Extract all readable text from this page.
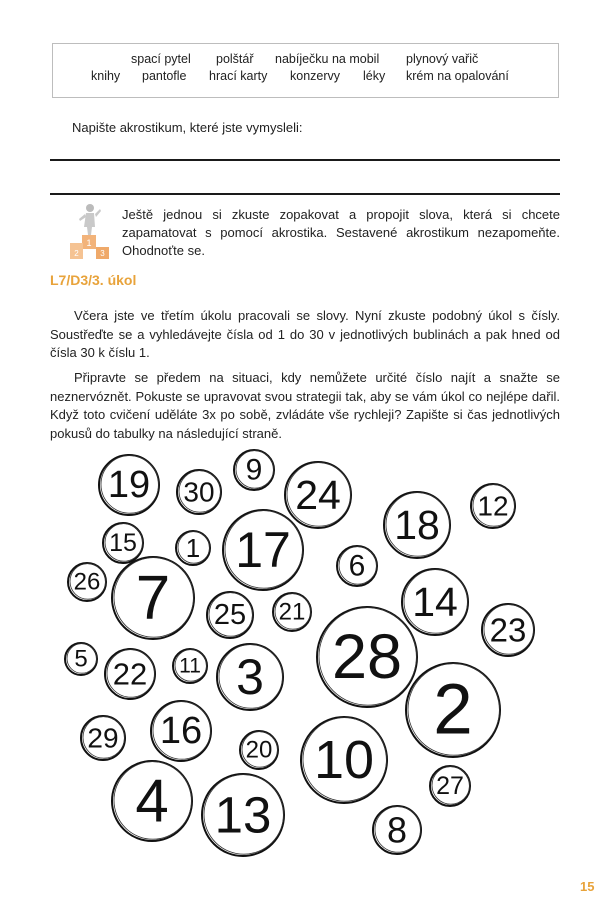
spací pytel polštář nabíječku na mobil plynový vařič
knihy pantofle hrací karty konzervy léky krém na opalování
Napište akrostikum, které jste vymysleli:
1
2	3
Ještě jednou si zkuste zopakovat a propojit slova, která si chcete zapamatovat s pomocí akrostika. Sestavené akrostikum nezapomeňte. Ohodnoťte se.
L7/D3/3. úkol
Včera jste ve třetím úkolu pracovali se slovy. Nyní zkuste podobný úkol s čísly. Soustřeďte se a vyhledávejte čísla od 1 do 30 v jednotlivých bublinách a pak hned od čísla 30 k číslu 1.
Připravte se předem na situaci, kdy nemůžete určité číslo najít a snažte se neznervóznět. Pokuste se upravovat svou strategii tak, aby se vám úkol co nejlépe dařil. Když toto cvičení uděláte 3x po sobě, zvládáte vše rychleji? Zapište si čas jednotlivých pokusů do tabulky na následující straně.
19 30
9
24	12
18
15 1 17 6
26 7 25 21	14
23
28
5 22 11 3 2
29 16 20 10 27
4 13	8
15
